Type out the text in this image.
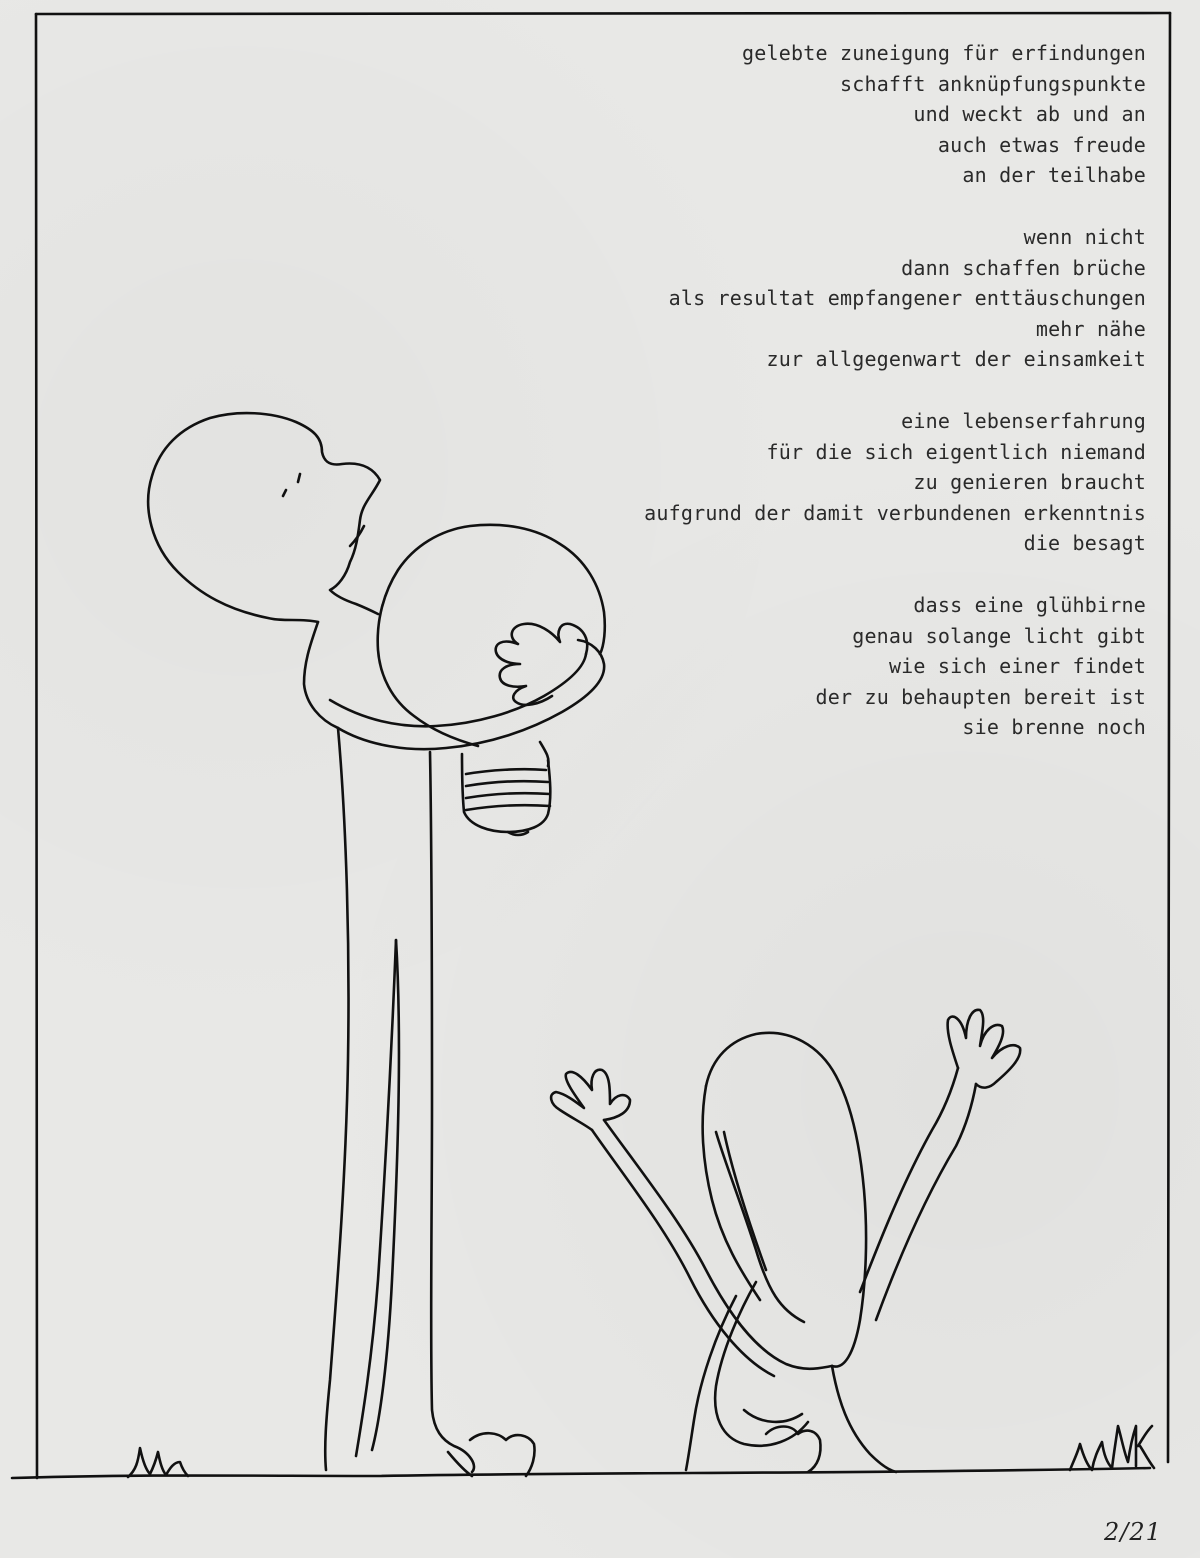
gelebte zuneigung für erfindungen
schafft anknüpfungspunkte
und weckt ab und an
auch etwas freude
an der teilhabe
wenn nicht
dann schaffen brüche
als resultat empfangener enttäuschungen
mehr nähe
zur allgegenwart der einsamkeit
eine lebenserfahrung
für die sich eigentlich niemand
zu genieren braucht
aufgrund der damit verbundenen erkenntnis
die besagt
dass eine glühbirne
genau solange licht gibt
wie sich einer findet
der zu behaupten bereit ist
sie brenne noch
2/21
